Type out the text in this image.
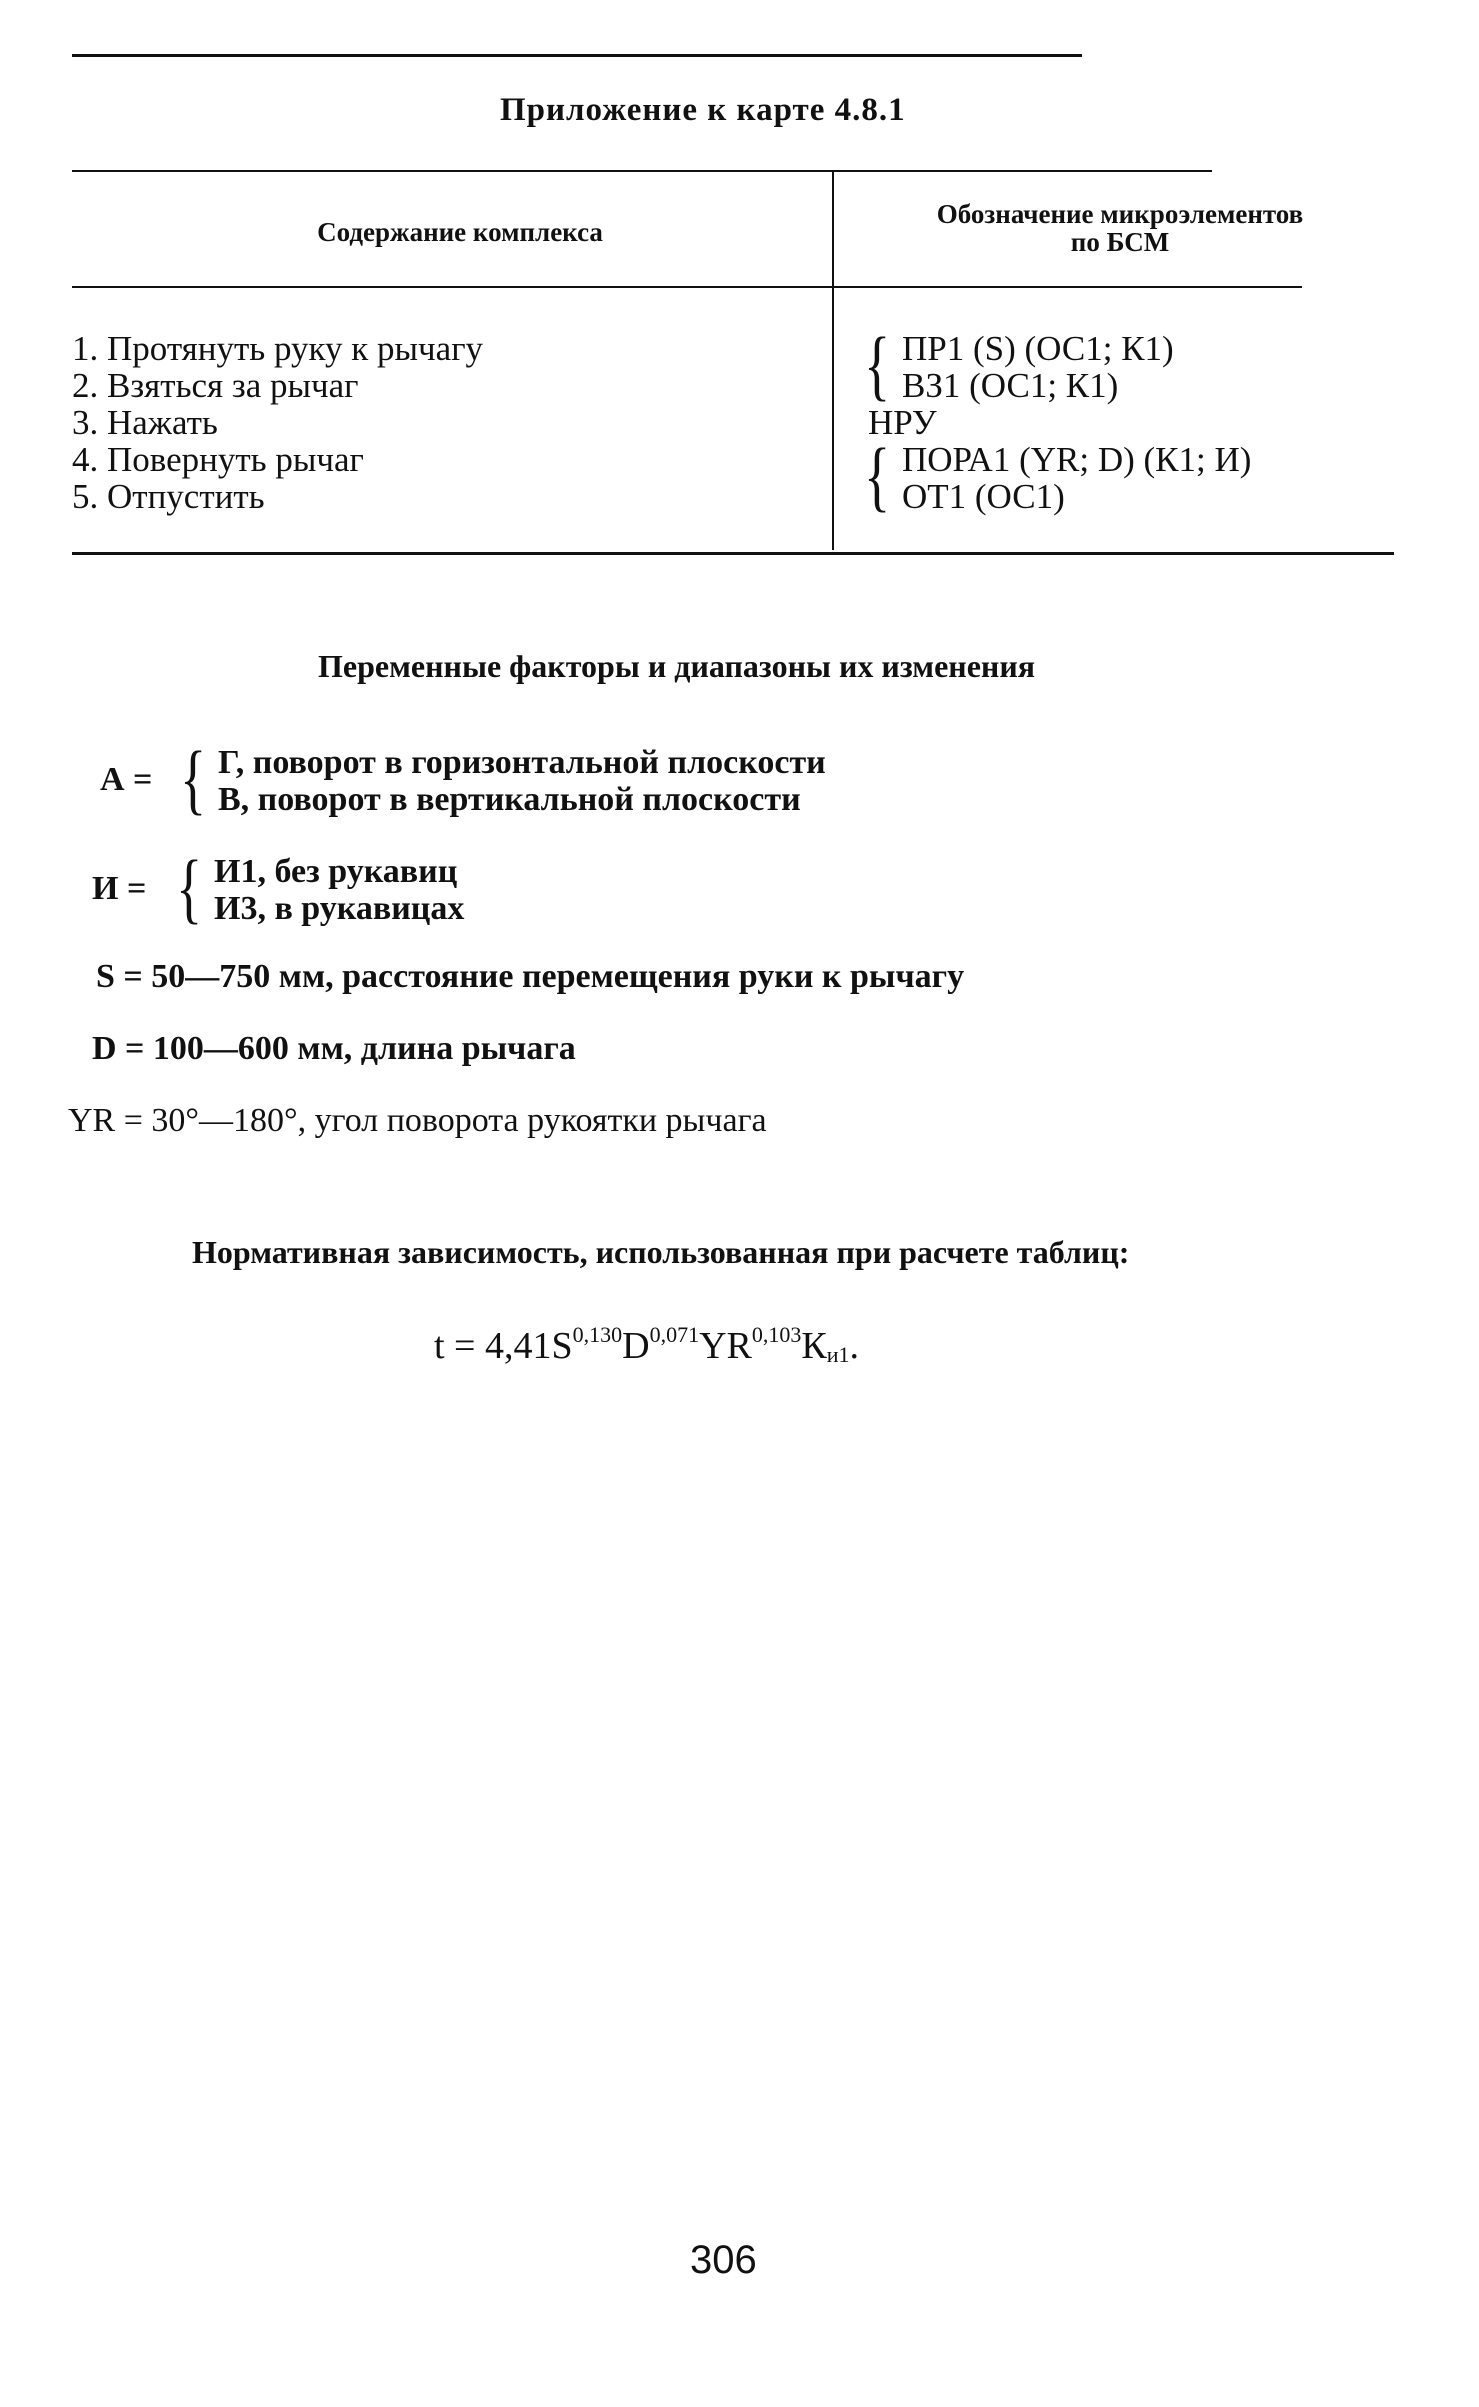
Приложение к карте 4.8.1
Содержание комплекса
Обозначение микроэлементов
по БСМ
1. Протянуть руку к рычагу
2. Взяться за рычаг
3. Нажать
4. Повернуть рычаг
5. Отпустить
{ ПР1 (S) (ОС1; К1)
ВЗ1 (ОС1; К1)
НРУ
{ ПОРА1 (YR; D) (К1; И)
ОТ1 (ОС1)
Переменные факторы и диапазоны их изменения
А = { Г, поворот в горизонтальной плоскости
В, поворот в вертикальной плоскости
И = { И1, без рукавиц
И3, в рукавицах
S = 50—750 мм, расстояние перемещения руки к рычагу
D = 100—600 мм, длина рычага
YR = 30°—180°, угол поворота рукоятки рычага
Нормативная зависимость, использованная при расчете таблиц:
$t = 4,41S^{0,130}D^{0,071}YR^{0,103}К_{и1}$.
306
